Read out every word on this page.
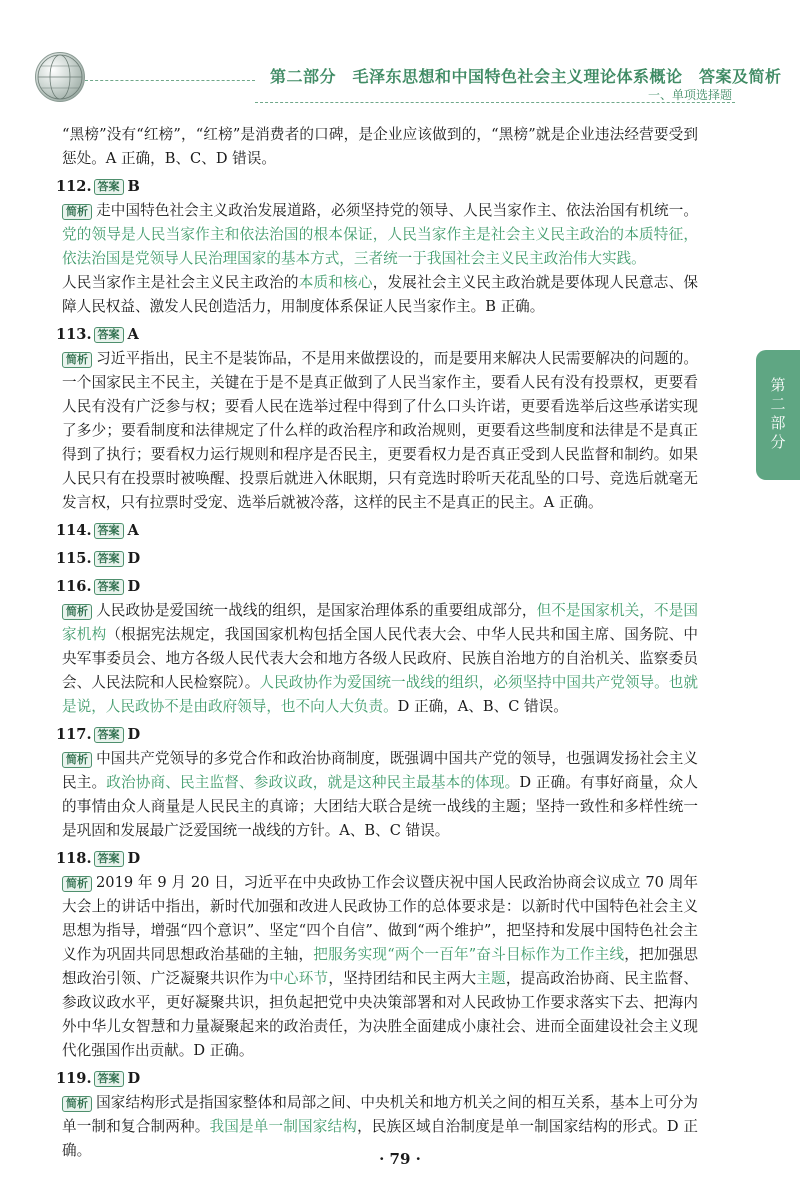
第二部分　毛泽东思想和中国特色社会主义理论体系概论　答案及简析
一、单项选择题
第二部分

“黑榜”没有“红榜”，“红榜”是消费者的口碑，是企业应该做到的，“黑榜”就是企业违法经营要受到惩处。A 正确，B、C、D 错误。

112. 答案 B

简析 走中国特色社会主义政治发展道路，必须坚持党的领导、人民当家作主、依法治国有机统一。党的领导是人民当家作主和依法治国的根本保证，人民当家作主是社会主义民主政治的本质特征，依法治国是党领导人民治理国家的基本方式，三者统一于我国社会主义民主政治伟大实践。

人民当家作主是社会主义民主政治的本质和核心，发展社会主义民主政治就是要体现人民意志、保障人民权益、激发人民创造活力，用制度体系保证人民当家作主。B 正确。

113. 答案 A

简析 习近平指出，民主不是装饰品，不是用来做摆设的，而是要用来解决人民需要解决的问题的。一个国家民主不民主，关键在于是不是真正做到了人民当家作主，要看人民有没有投票权，更要看人民有没有广泛参与权；要看人民在选举过程中得到了什么口头许诺，更要看选举后这些承诺实现了多少；要看制度和法律规定了什么样的政治程序和政治规则，更要看这些制度和法律是不是真正得到了执行；要看权力运行规则和程序是否民主，更要看权力是否真正受到人民监督和制约。如果人民只有在投票时被唤醒、投票后就进入休眠期，只有竞选时聆听天花乱坠的口号、竞选后就毫无发言权，只有拉票时受宠、选举后就被冷落，这样的民主不是真正的民主。A 正确。

114. 答案 A
115. 答案 D
116. 答案 D

简析 人民政协是爱国统一战线的组织，是国家治理体系的重要组成部分，但不是国家机关，不是国家机构（根据宪法规定，我国国家机构包括全国人民代表大会、中华人民共和国主席、国务院、中央军事委员会、地方各级人民代表大会和地方各级人民政府、民族自治地方的自治机关、监察委员会、人民法院和人民检察院）。人民政协作为爱国统一战线的组织，必须坚持中国共产党领导。也就是说，人民政协不是由政府领导，也不向人大负责。D 正确，A、B、C 错误。

117. 答案 D

简析 中国共产党领导的多党合作和政治协商制度，既强调中国共产党的领导，也强调发扬社会主义民主。政治协商、民主监督、参政议政，就是这种民主最基本的体现。D 正确。有事好商量，众人的事情由众人商量是人民民主的真谛；大团结大联合是统一战线的主题；坚持一致性和多样性统一是巩固和发展最广泛爱国统一战线的方针。A、B、C 错误。

118. 答案 D

简析 2019 年 9 月 20 日，习近平在中央政协工作会议暨庆祝中国人民政治协商会议成立 70 周年大会上的讲话中指出，新时代加强和改进人民政协工作的总体要求是：以新时代中国特色社会主义思想为指导，增强“四个意识”、坚定“四个自信”、做到“两个维护”，把坚持和发展中国特色社会主义作为巩固共同思想政治基础的主轴，把服务实现“两个一百年”奋斗目标作为工作主线，把加强思想政治引领、广泛凝聚共识作为中心环节，坚持团结和民主两大主题，提高政治协商、民主监督、参政议政水平，更好凝聚共识，担负起把党中央决策部署和对人民政协工作要求落实下去、把海内外中华儿女智慧和力量凝聚起来的政治责任，为决胜全面建成小康社会、进而全面建设社会主义现代化强国作出贡献。D 正确。

119. 答案 D

简析 国家结构形式是指国家整体和局部之间、中央机关和地方机关之间的相互关系，基本上可分为单一制和复合制两种。我国是单一制国家结构，民族区域自治制度是单一制国家结构的形式。D 正确。	· 79 ·
